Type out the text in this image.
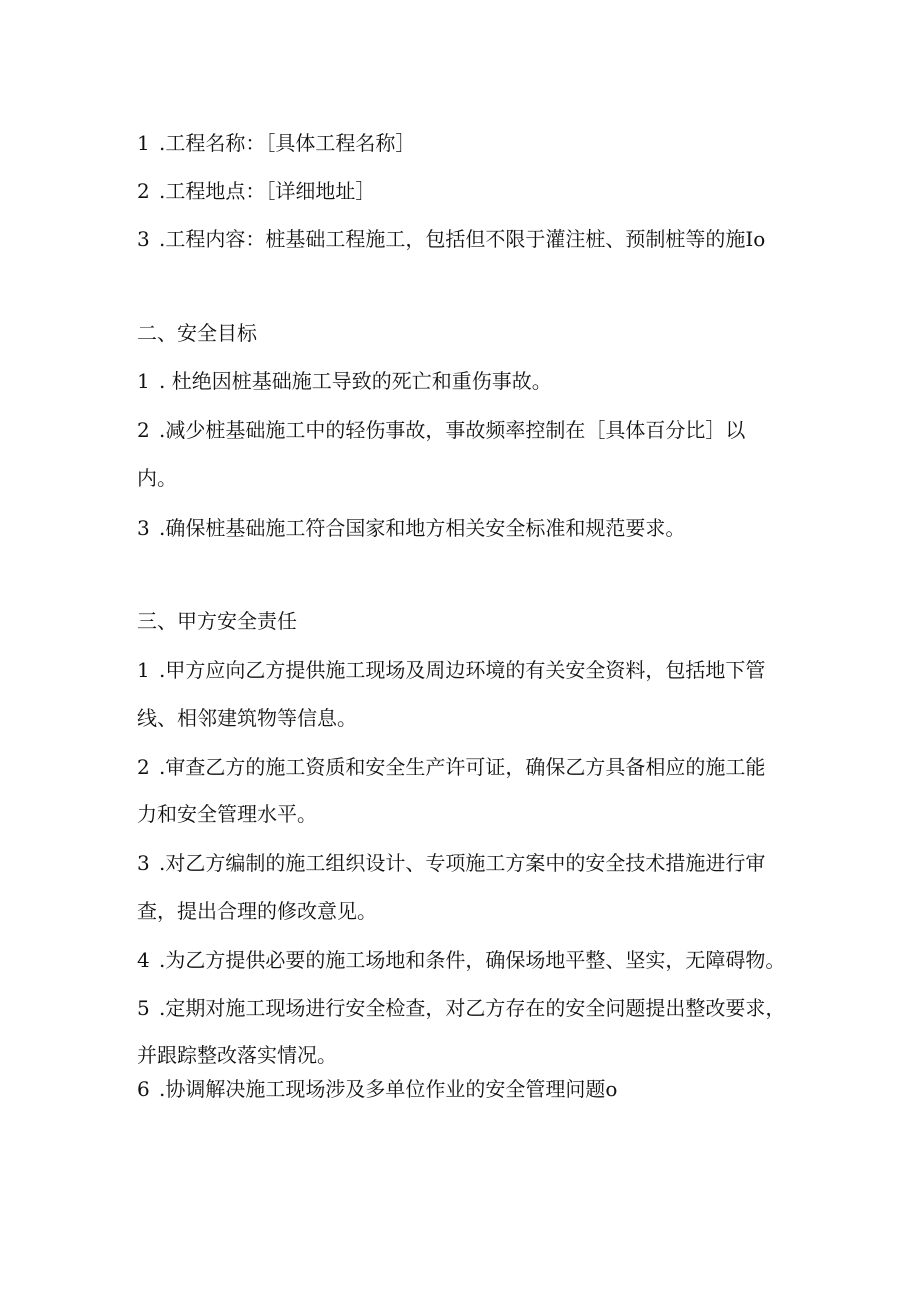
1 .工程名称：［具体工程名称］
2 .工程地点：［详细地址］
3 .工程内容：桩基础工程施工，包括但不限于灌注桩、预制桩等的施Io
二、安全目标
1 . 杜绝因桩基础施工导致的死亡和重伤事故。
2 .减少桩基础施工中的轻伤事故，事故频率控制在［具体百分比］以
内。
3 .确保桩基础施工符合国家和地方相关安全标准和规范要求。
三、甲方安全责任
1 .甲方应向乙方提供施工现场及周边环境的有关安全资料，包括地下管
线、相邻建筑物等信息。
2 .审查乙方的施工资质和安全生产许可证，确保乙方具备相应的施工能
力和安全管理水平。
3 .对乙方编制的施工组织设计、专项施工方案中的安全技术措施进行审
查，提出合理的修改意见。
4 .为乙方提供必要的施工场地和条件，确保场地平整、坚实，无障碍物。
5 .定期对施工现场进行安全检查，对乙方存在的安全问题提出整改要求，
并跟踪整改落实情况。
6 .协调解决施工现场涉及多单位作业的安全管理问题o
